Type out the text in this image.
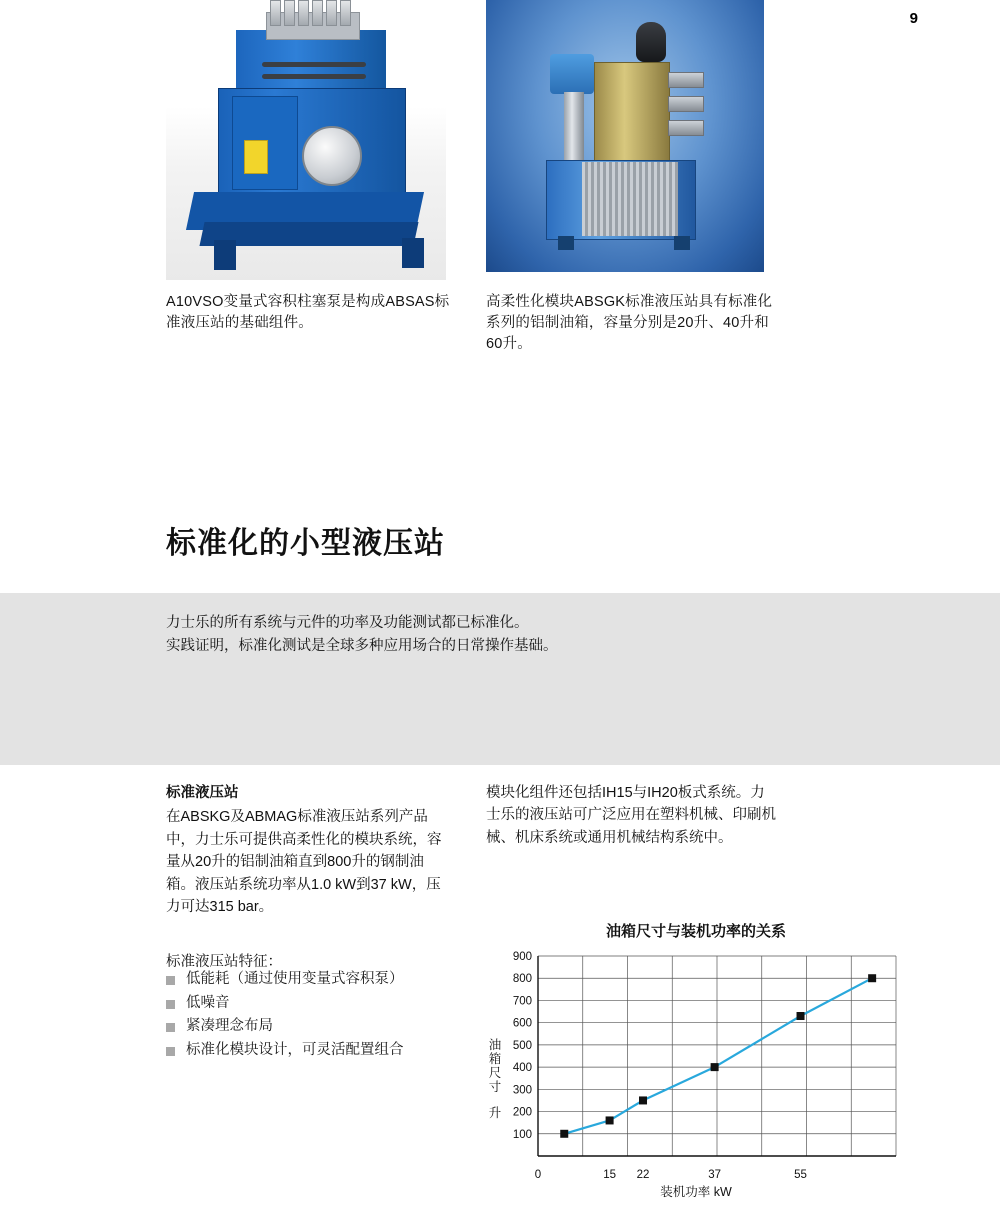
9
A10VSO变量式容积柱塞泵是构成ABSAS标准液压站的基础组件。
高柔性化模块ABSGK标准液压站具有标准化系列的铝制油箱，容量分别是20升、40升和60升。
标准化的小型液压站
力士乐的所有系统与元件的功率及功能测试都已标准化。
实践证明，标准化测试是全球多种应用场合的日常操作基础。
标准液压站

在ABSKG及ABMAG标准液压站系列产品中，力士乐可提供高柔性化的模块系统，容量从20升的铝制油箱直到800升的钢制油箱。液压站系统功率从1.0 kW到37 kW，压力可达315 bar。

模块化组件还包括IH15与IH20板式系统。力士乐的液压站可广泛应用在塑料机械、印刷机械、机床系统或通用机械结构系统中。

标准液压站特征：
低能耗（通过使用变量式容积泵）
低噪音
紧凑理念布局
标准化模块设计，可灵活配置组合
油箱尺寸与装机功率的关系
油
箱
尺
寸
升
装机功率 kW
100
200
300
400
500
600
700
800
900
0	15 22	37	55
